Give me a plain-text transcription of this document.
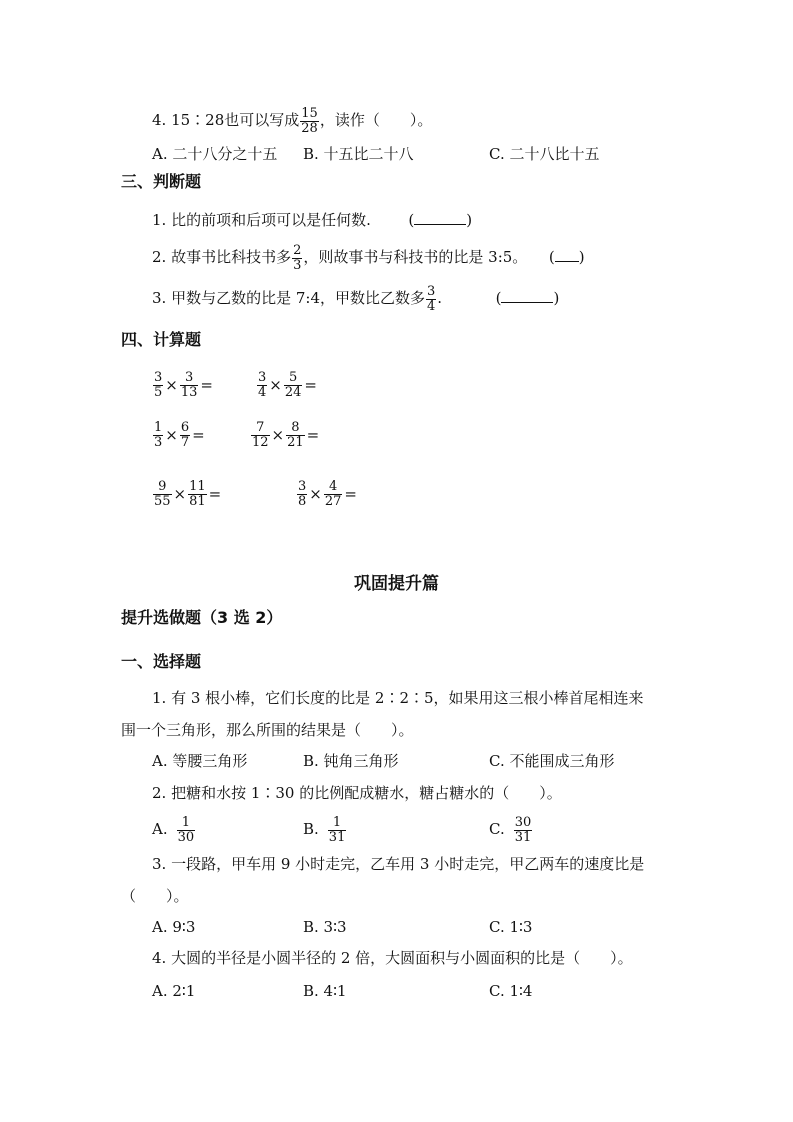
4. 15∶28也可以写成 $\frac{15}{28}$ ，读作（　　）。
A. 二十八分之十五 B. 十五比二十八	C. 二十八比十五
三、判断题
1. 比的前项和后项可以是任何数.	(	)
2. 故事书比科技书多 $\frac{2}{3}$ ，则故事书与科技书的比是 3:5。 ( )
3. 甲数与乙数的比是 7:4，甲数比乙数多 $\frac{3}{4}$ .	(	)
四、计算题
$\frac{3}{5} \times \frac{3}{13}$ =	$\frac{3}{4} \times \frac{5}{24}$ =
$\frac{1}{3} \times \frac{6}{7}$ =	$\frac{7}{12} \times \frac{8}{21}$ =
$\frac{9}{55} \times \frac{11}{81}$ =	$\frac{3}{8} \times \frac{4}{27}$ =
巩固提升篇
提升选做题（3 选 2）
一、选择题
1. 有 3 根小棒，它们长度的比是 2∶2∶5，如果用这三根小棒首尾相连来
围一个三角形，那么所围的结果是（　　）。
A. 等腰三角形	B. 钝角三角形	C. 不能围成三角形
2. 把糖和水按 1∶30 的比例配成糖水，糖占糖水的（　　）。
A. $\frac{1}{30}$	B. $\frac{1}{31}$	C. $\frac{30}{31}$
3. 一段路，甲车用 9 小时走完，乙车用 3 小时走完，甲乙两车的速度比是
（　　）。
A. 9∶3	B. 3∶3	C. 1∶3
4. 大圆的半径是小圆半径的 2 倍，大圆面积与小圆面积的比是（　　）。
A. 2∶1	B. 4∶1	C. 1∶4
